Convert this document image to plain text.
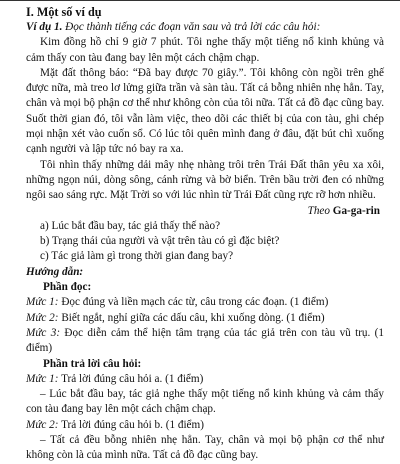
I. Một số ví dụ

Ví dụ 1. Đọc thành tiếng các đoạn văn sau và trả lời các câu hỏi:

Kim đồng hồ chỉ 9 giờ 7 phút. Tôi nghe thấy một tiếng nổ kinh khủng và cảm thấy con tàu đang bay lên một cách chậm chạp.

Mặt đất thông báo: “Đã bay được 70 giây.”. Tôi không còn ngồi trên ghế được nữa, mà treo lơ lửng giữa trần và sàn tàu. Tất cả bỗng nhiên nhẹ hẳn. Tay, chân và mọi bộ phận cơ thể như không còn của tôi nữa. Tất cả đồ đạc cũng bay. Suốt thời gian đó, tôi vẫn làm việc, theo dõi các thiết bị của con tàu, ghi chép mọi nhận xét vào cuốn sổ. Có lúc tôi quên mình đang ở đâu, đặt bút chì xuống cạnh người và lập tức nó bay ra xa.

Tôi nhìn thấy những dải mây nhẹ nhàng trôi trên Trái Đất thân yêu xa xôi, những ngọn núi, dòng sông, cánh rừng và bờ biển. Trên bầu trời đen có những ngôi sao sáng rực. Mặt Trời so với lúc nhìn từ Trái Đất cũng rực rỡ hơn nhiều.

Theo Ga-ga-rin

a) Lúc bắt đầu bay, tác giả thấy thế nào?

b) Trạng thái của người và vật trên tàu có gì đặc biệt?

c) Tác giả làm gì trong thời gian đang bay?

Hướng dẫn:

Phần đọc:

Mức 1: Đọc đúng và liền mạch các từ, câu trong các đoạn. (1 điểm)

Mức 2: Biết ngắt, nghỉ giữa các dấu câu, khi xuống dòng. (1 điểm)

Mức 3: Đọc diễn cảm thể hiện tâm trạng của tác giả trên con tàu vũ trụ. (1 điểm)

Phần trả lời câu hỏi:

Mức 1: Trả lời đúng câu hỏi a. (1 điểm)

– Lúc bắt đầu bay, tác giả nghe thấy một tiếng nổ kinh khủng và cảm thấy con tàu đang bay lên một cách chậm chạp.

Mức 2: Trả lời đúng câu hỏi b. (1 điểm)

– Tất cả đều bỗng nhiên nhẹ hẳn. Tay, chân và mọi bộ phận cơ thể như không còn là của mình nữa. Tất cả đồ đạc cũng bay.
